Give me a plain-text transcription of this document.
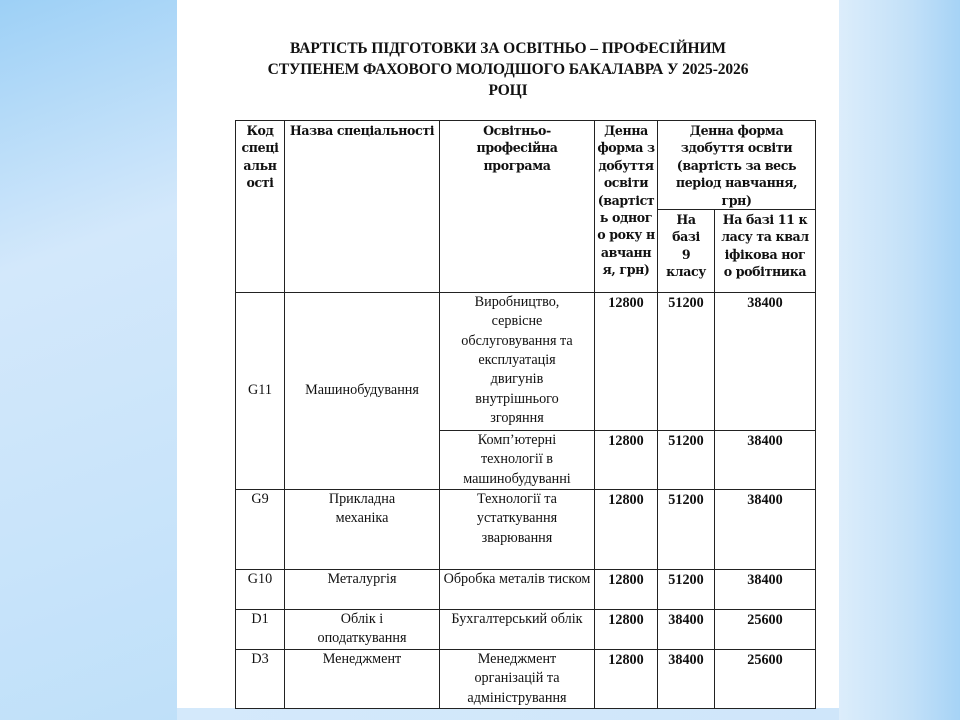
ВАРТІСТЬ ПІДГОТОВКИ ЗА ОСВІТНЬО – ПРОФЕСІЙНИМ
СТУПЕНЕМ ФАХОВОГО МОЛОДШОГО БАКАЛАВРА У 2025-2026
РОЦІ
Код спеці альн ості	Назва спеціальності	Освітньо-професійна програма	Денна форма здобуття освіти (вартіст ь одного року навчанн я, грн)	Денна форма здобуття освіти (вартість за весь період навчання, грн)	
				На базі 9 класу	На базі 11 класу та кваліфікова ного робітника
G11	Машинобудування	Виробництво, сервісне обслуговування та експлуатація двигунів внутрішнього згоряння	12800	51200	38400
		Комп’ютерні технології в машинобудуванні	12800	51200	38400
G9	Прикладна механіка	Технології та устаткування зварювання	12800	51200	38400
G10	Металургія	Обробка металів тиском	12800	51200	38400
D1	Облік і оподаткування	Бухгалтерський облік	12800	38400	25600
D3	Менеджмент	Менеджмент організацій та адміністрування	12800	38400	25600
